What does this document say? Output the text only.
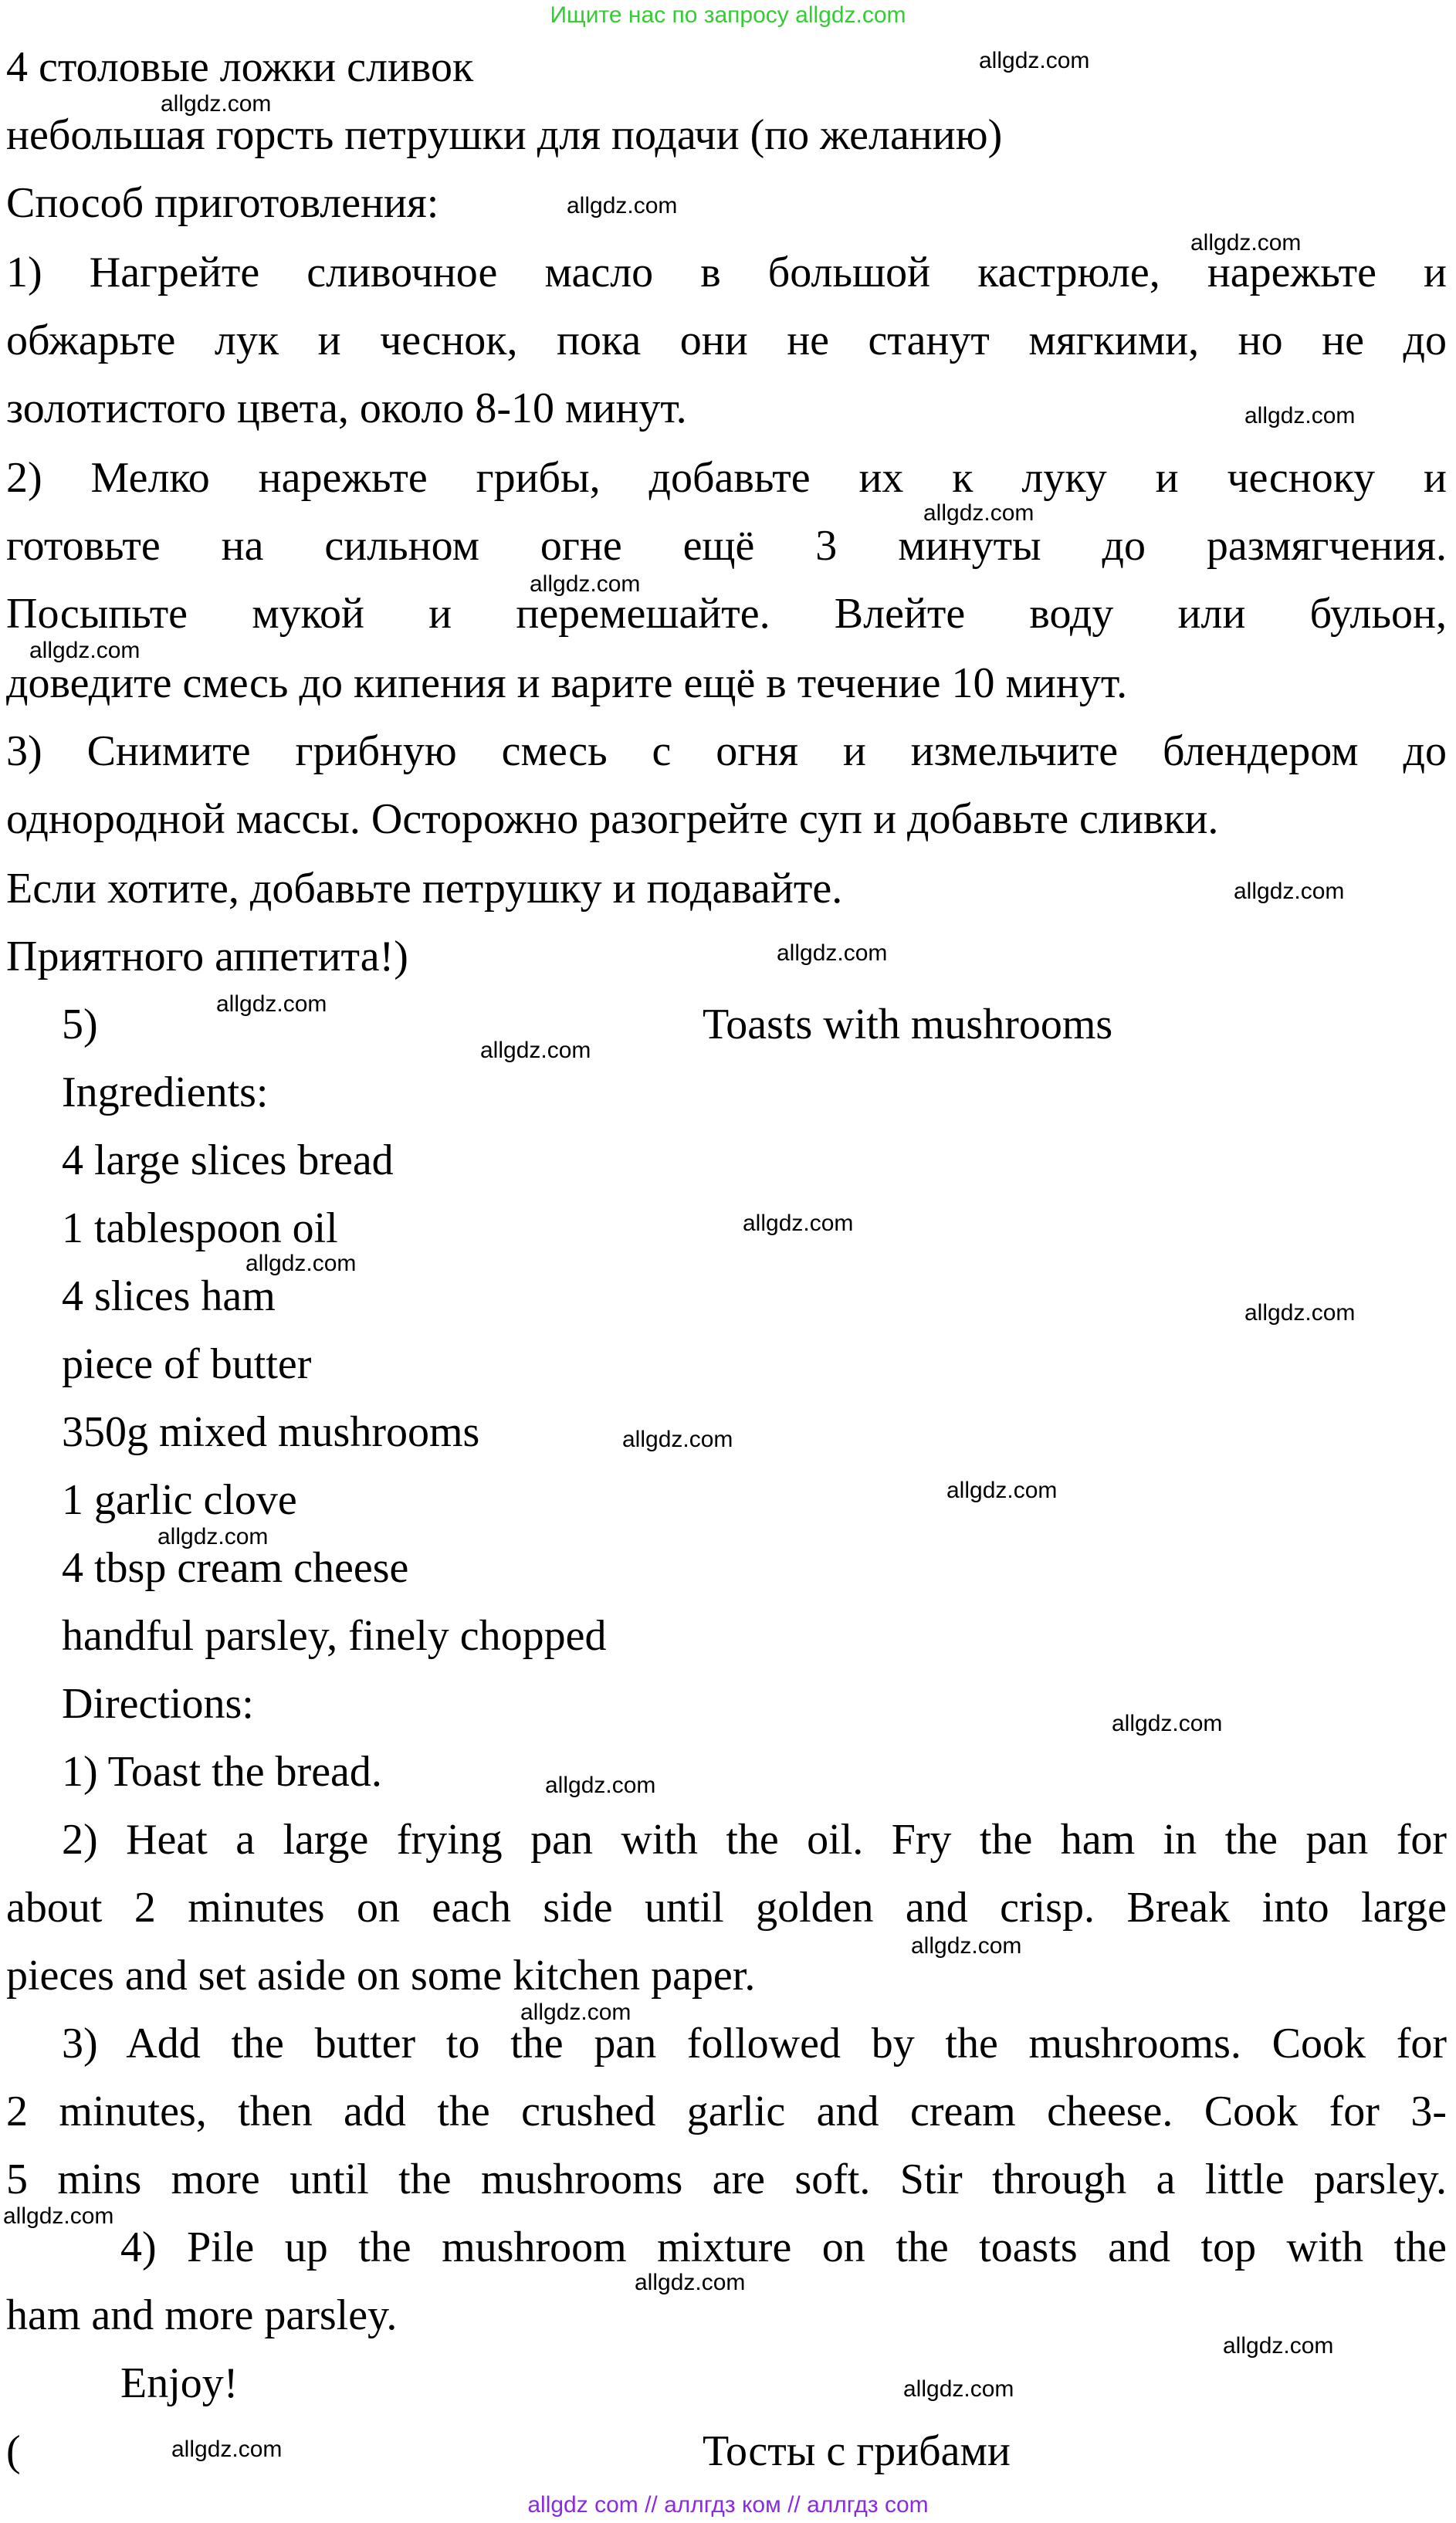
Ищите нас по запросу allgdz.com
4 столовые ложки сливок
небольшая горсть петрушки для подачи (по желанию)
Способ приготовления:
1) Нагрейте сливочное масло в большой кастрюле, нарежьте и
обжарьте лук и чеснок, пока они не станут мягкими, но не до
золотистого цвета, около 8-10 минут.
2) Мелко нарежьте грибы, добавьте их к луку и чесноку и
готовьте на сильном огне ещё 3 минуты до размягчения.
Посыпьте мукой и перемешайте. Влейте воду или бульон,
доведите смесь до кипения и варите ещё в течение 10 минут.
3) Снимите грибную смесь с огня и измельчите блендером до
однородной массы. Осторожно разогрейте суп и добавьте сливки.
Если хотите, добавьте петрушку и подавайте.
Приятного аппетита!)
5)	Toasts with mushrooms
Ingredients:
4 large slices bread
1 tablespoon oil
4 slices ham
piece of butter
350g mixed mushrooms
1 garlic clove
4 tbsp cream cheese
handful parsley, finely chopped
Directions:
1) Toast the bread.
2) Heat a large frying pan with the oil. Fry the ham in the pan for
about 2 minutes on each side until golden and crisp. Break into large
pieces and set aside on some kitchen paper.
3) Add the butter to the pan followed by the mushrooms. Cook for
2 minutes, then add the crushed garlic and cream cheese. Cook for 3-
5 mins more until the mushrooms are soft. Stir through a little parsley.
4) Pile up the mushroom mixture on the toasts and top with the
ham and more parsley.
Enjoy!
(	Тосты с грибами
allgdz.com
allgdz.com
allgdz.com
allgdz.com
allgdz.com
allgdz.com
allgdz.com
allgdz.com
allgdz.com
allgdz.com
allgdz.com
allgdz.com
allgdz.com
allgdz.com
allgdz.com
allgdz.com
allgdz.com
allgdz.com
allgdz.com
allgdz.com
allgdz.com
allgdz.com
allgdz.com
allgdz.com
allgdz.com
allgdz.com
allgdz.com
allgdz com // аллгдз ком // аллгдз com
